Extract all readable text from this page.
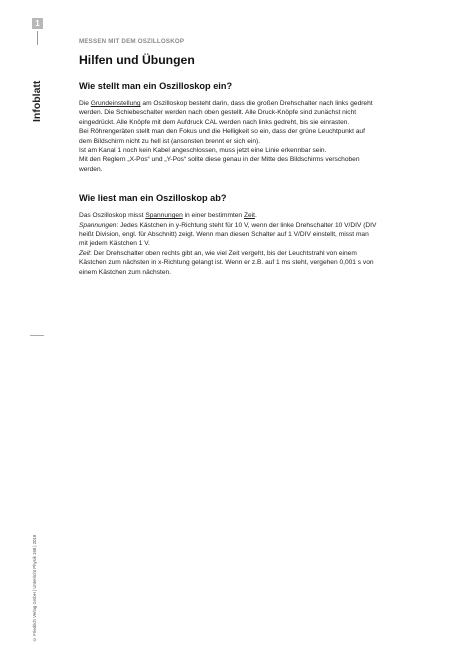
1
Infoblatt
© Friedrich Verlag GmbH | Unterricht Physik 168 | 2018

MESSEN MIT DEM OSZILLOSKOP

Hilfen und Übungen
Wie stellt man ein Oszilloskop ein?

Die Grundeinstellung am Oszilloskop besteht darin, dass die großen Drehschalter nach links gedreht werden. Die Schiebeschalter werden nach oben gestellt. Alle Druck-Knöpfe sind zunächst nicht eingedrückt. Alle Knöpfe mit dem Aufdruck CAL werden nach links gedreht, bis sie einrasten.

Bei Röhrengeräten stellt man den Fokus und die Helligkeit so ein, dass der grüne Leuchtpunkt auf dem Bildschirm nicht zu hell ist (ansonsten brennt er sich ein).

Ist am Kanal 1 noch kein Kabel angeschlossen, muss jetzt eine Linie erkennbar sein.

Mit den Reglern „X-Pos“ und „Y-Pos“ sollte diese genau in der Mitte des Bildschirms verschoben werden.

Wie liest man ein Oszilloskop ab?

Das Oszilloskop misst Spannungen in einer bestimmten Zeit.

Spannungen: Jedes Kästchen in y-Richtung steht für 10 V, wenn der linke Drehschalter 10 V/DIV (DIV heißt Division, engl. für Abschnitt) zeigt. Wenn man diesen Schalter auf 1 V/DIV einstellt, misst man mit jedem Kästchen 1 V.

Zeit: Der Drehschalter oben rechts gibt an, wie viel Zeit vergeht, bis der Leuchtstrahl von einem Kästchen zum nächsten in x-Richtung gelangt ist. Wenn er z.B. auf 1 ms steht, vergehen 0,001 s von einem Kästchen zum nächsten.
